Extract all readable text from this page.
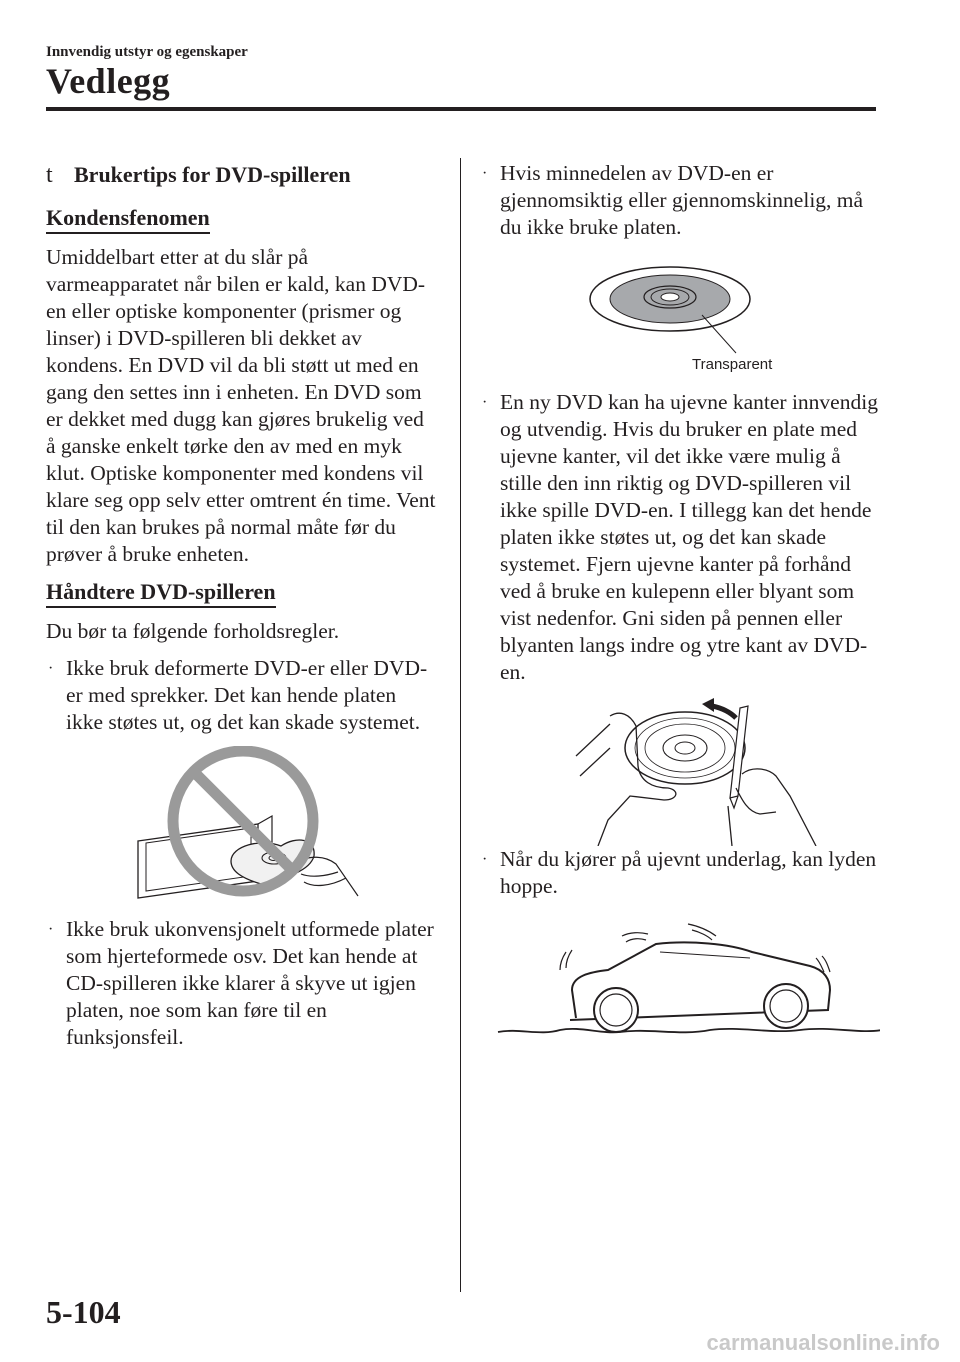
Innvendig utstyr og egenskaper
Vedlegg
t Brukertips for DVD-spilleren
Kondensfenomen

Umiddelbart etter at du slår på varmeapparatet når bilen er kald, kan DVD-en eller optiske komponenter (prismer og linser) i DVD-spilleren bli dekket av kondens. En DVD vil da bli støtt ut med en gang den settes inn i enheten. En DVD som er dekket med dugg kan gjøres brukelig ved å ganske enkelt tørke den av med en myk klut. Optiske komponenter med kondens vil klare seg opp selv etter omtrent én time. Vent til den kan brukes på normal måte før du prøver å bruke enheten.

Håndtere DVD-spilleren

Du bør ta følgende forholdsregler.

· Ikke bruk deformerte DVD-er eller DVD-er med sprekker. Det kan hende platen ikke støtes ut, og det kan skade systemet.
· Ikke bruk ukonvensjonelt utformede plater som hjerteformede osv. Det kan hende at CD-spilleren ikke klarer å skyve ut igjen platen, noe som kan føre til en funksjonsfeil.
· Hvis minnedelen av DVD-en er gjennomsiktig eller gjennomskinnelig, må du ikke bruke platen.
Transparent
· En ny DVD kan ha ujevne kanter innvendig og utvendig. Hvis du bruker en plate med ujevne kanter, vil det ikke være mulig å stille den inn riktig og DVD-spilleren vil ikke spille DVD-en. I tillegg kan det hende platen ikke støtes ut, og det kan skade systemet. Fjern ujevne kanter på forhånd ved å bruke en kulepenn eller blyant som vist nedenfor. Gni siden på pennen eller blyanten langs indre og ytre kant av DVD-en.
· Når du kjører på ujevnt underlag, kan lyden hoppe.
5-104
carmanualsonline.info
